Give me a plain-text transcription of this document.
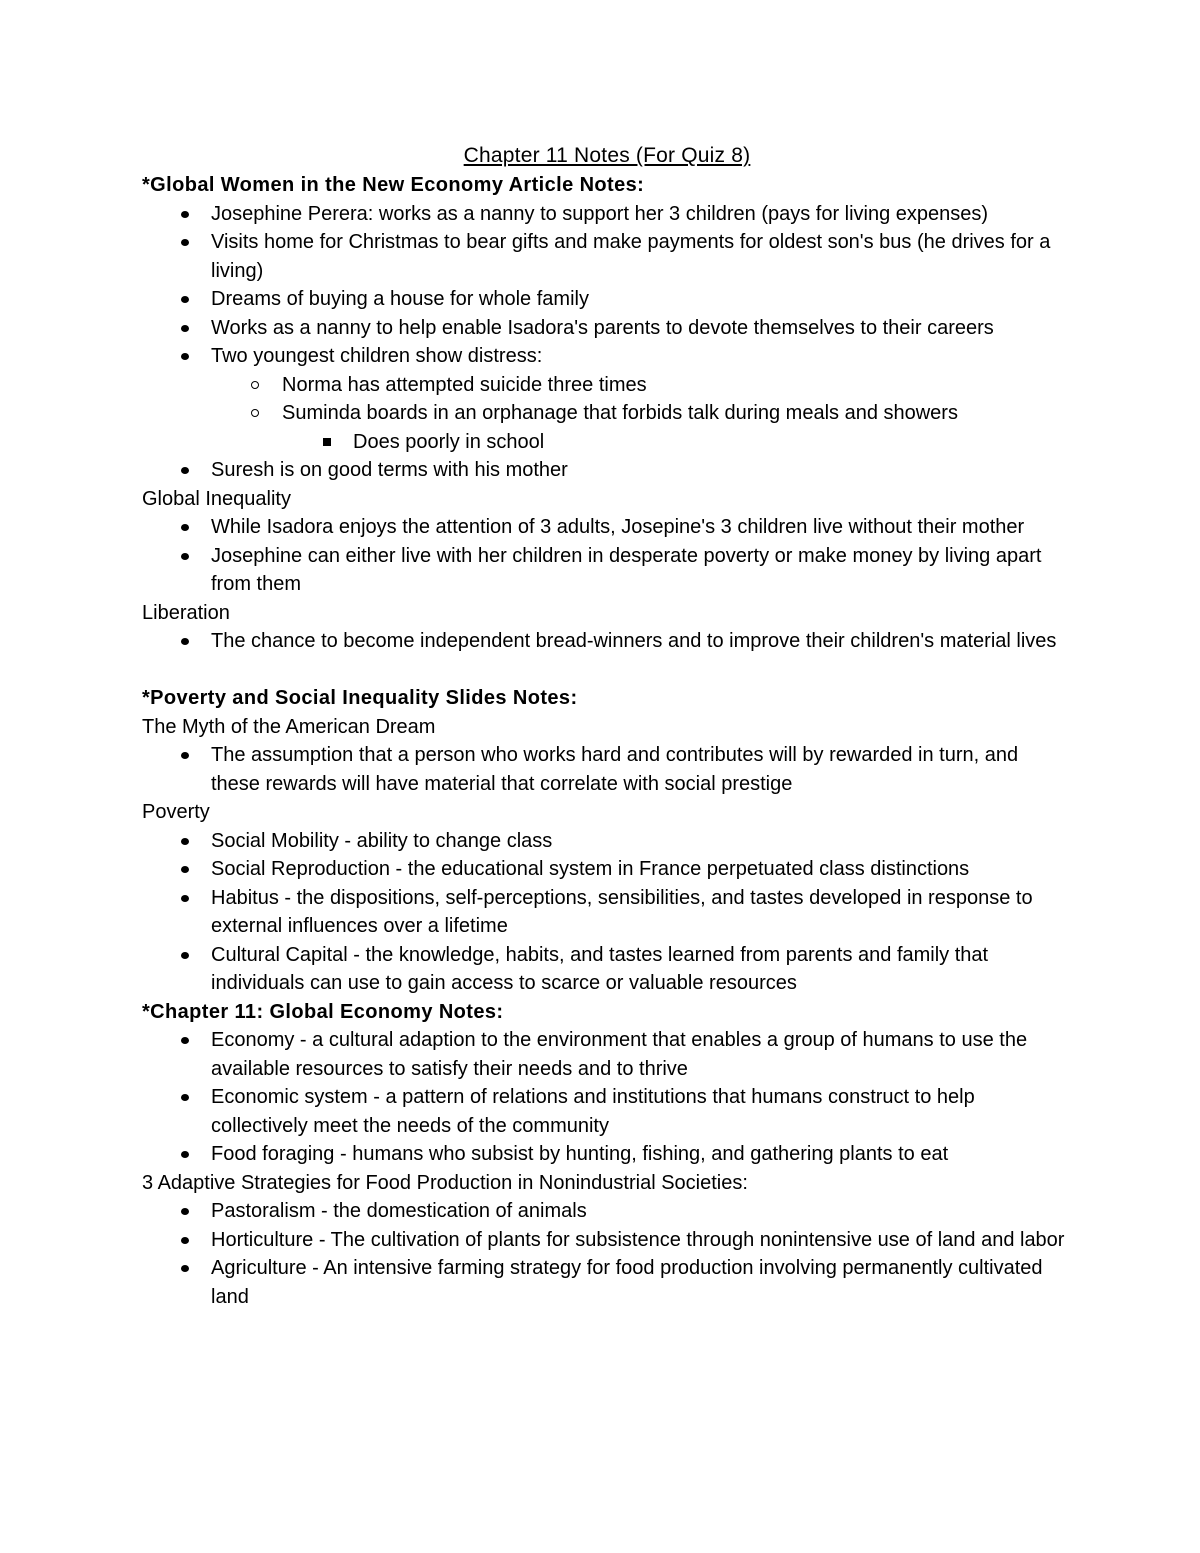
Chapter 11 Notes (For Quiz 8)

*Global Women in the New Economy Article Notes:

Josephine Perera: works as a nanny to support her 3 children (pays for living expenses)
Visits home for Christmas to bear gifts and make payments for oldest son's bus (he drives for a living)
Dreams of buying a house for whole family
Works as a nanny to help enable Isadora's parents to devote themselves to their careers
Two youngest children show distress:
Norma has attempted suicide three times
Suminda boards in an orphanage that forbids talk during meals and showers
Does poorly in school
Suresh is on good terms with his mother

Global Inequality

While Isadora enjoys the attention of 3 adults, Josepine's 3 children live without their mother
Josephine can either live with her children in desperate poverty or make money by living apart from them

Liberation

The chance to become independent bread-winners and to improve their children's material lives

*Poverty and Social Inequality Slides Notes:

The Myth of the American Dream

The assumption that a person who works hard and contributes will by rewarded in turn, and these rewards will have material that correlate with social prestige

Poverty

Social Mobility - ability to change class
Social Reproduction - the educational system in France perpetuated class distinctions
Habitus - the dispositions, self-perceptions, sensibilities, and tastes developed in response to external influences over a lifetime
Cultural Capital - the knowledge, habits, and tastes learned from parents and family that individuals can use to gain access to scarce or valuable resources

*Chapter 11: Global Economy Notes:

Economy - a cultural adaption to the environment that enables a group of humans to use the available resources to satisfy their needs and to thrive
Economic system - a pattern of relations and institutions that humans construct to help collectively meet the needs of the community
Food foraging - humans who subsist by hunting, fishing, and gathering plants to eat

3 Adaptive Strategies for Food Production in Nonindustrial Societies:

Pastoralism - the domestication of animals
Horticulture - The cultivation of plants for subsistence through nonintensive use of land and labor
Agriculture - An intensive farming strategy for food production involving permanently cultivated land
